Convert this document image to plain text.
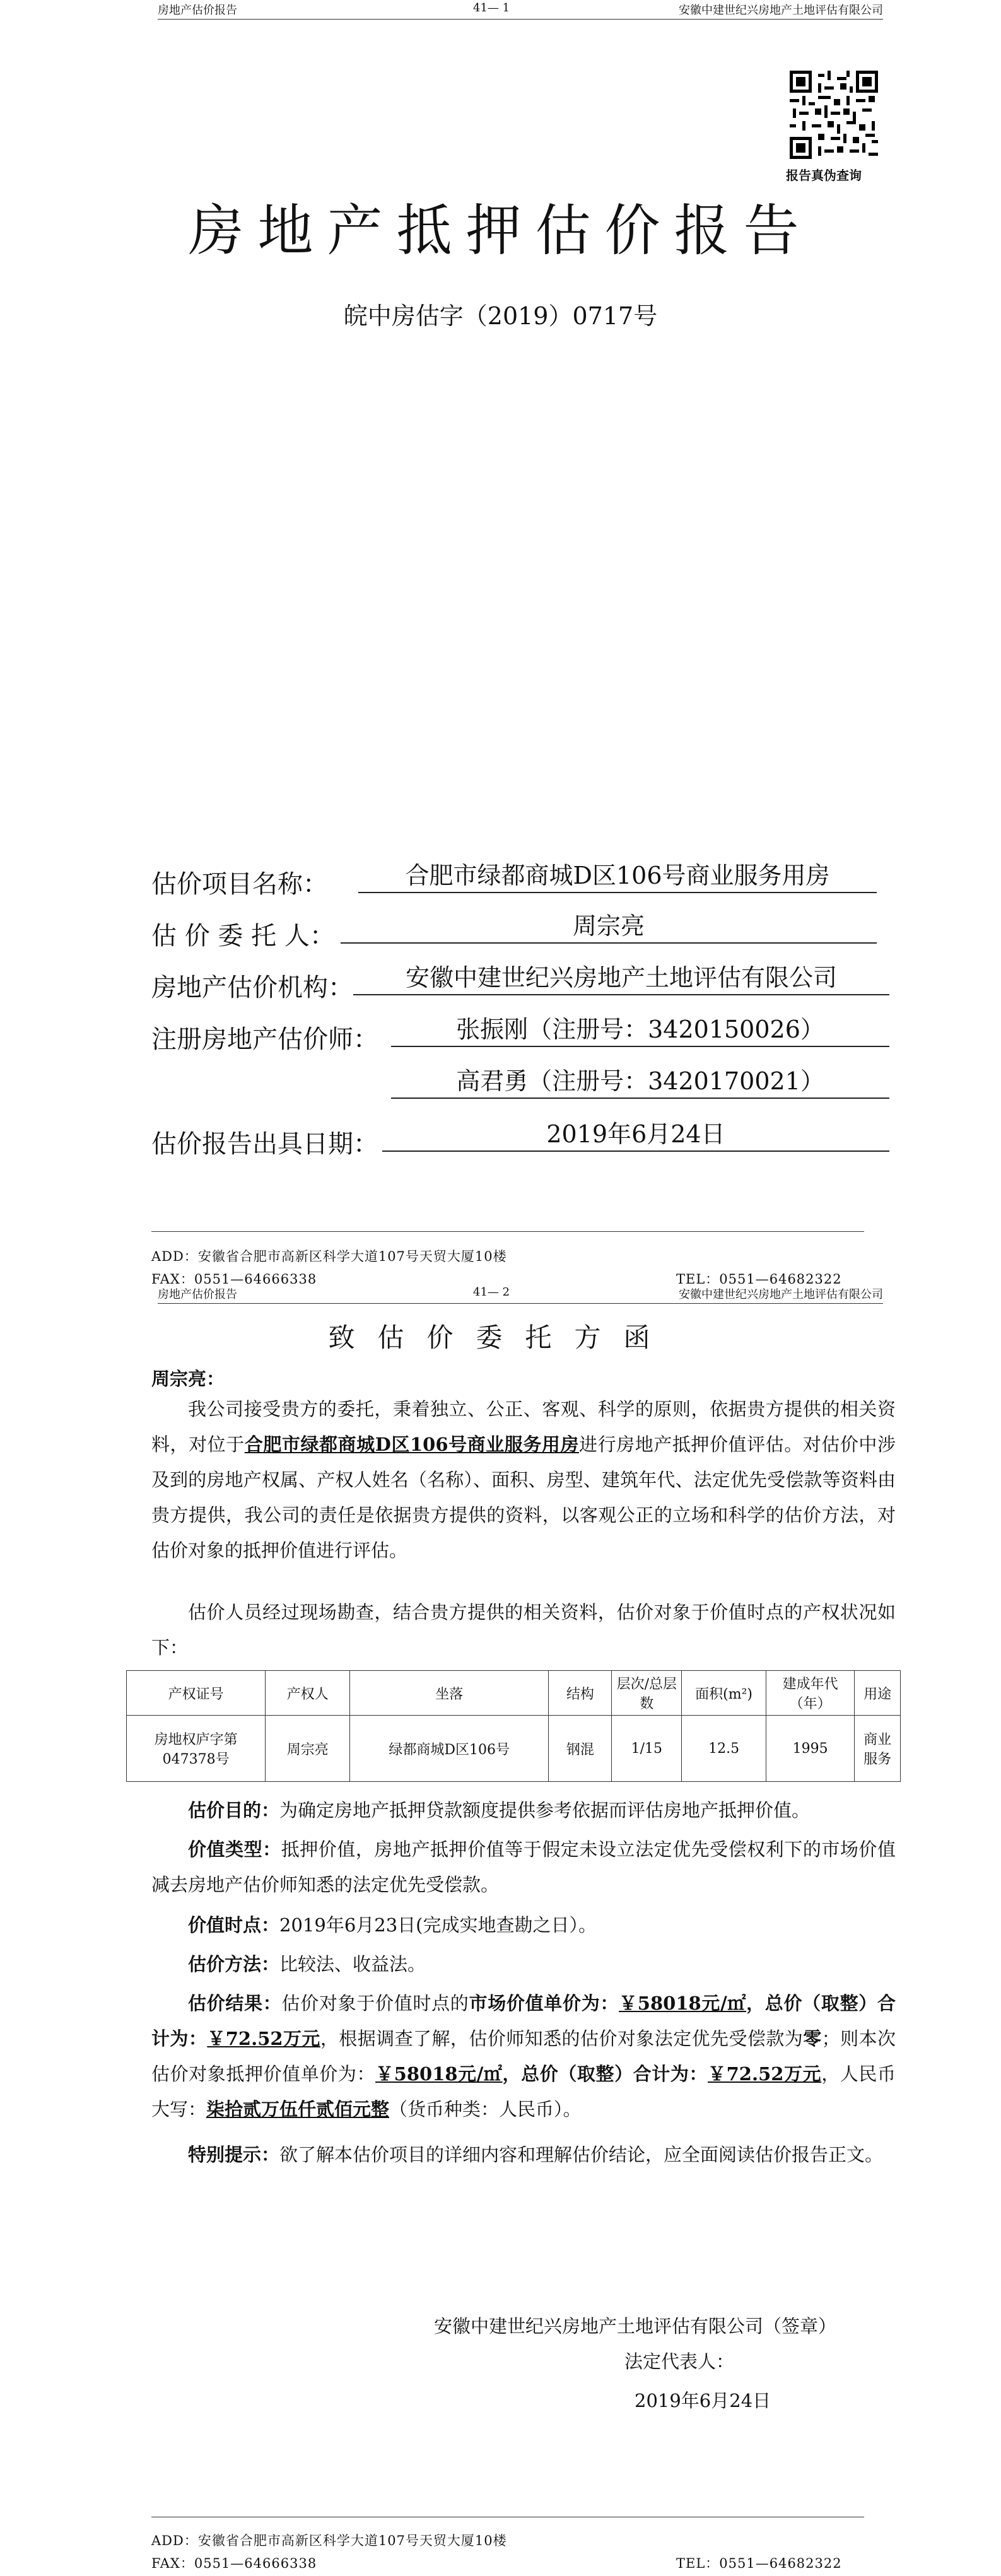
房地产估价报告	41— 1	安徽中建世纪兴房地产土地评估有限公司
报告真伪查询
房地产抵押估价报告
皖中房估字（2019）0717号
估价项目名称：	合肥市绿都商城D区106号商业服务用房
估 价 委 托 人：	周宗亮
房地产估价机构：	安徽中建世纪兴房地产土地评估有限公司
注册房地产估价师：	张振刚（注册号：3420150026）
高君勇（注册号：3420170021）
估价报告出具日期：	2019年6月24日
ADD：安徽省合肥市高新区科学大道107号天贸大厦10楼
FAX：0551—64666338	TEL：0551—64682322
房地产估价报告	41— 2	安徽中建世纪兴房地产土地评估有限公司
致估价委托方函
周宗亮：
我公司接受贵方的委托，秉着独立、公正、客观、科学的原则，依据贵方提供的相关资料，对位于合肥市绿都商城D区106号商业服务用房进行房地产抵押价值评估。对估价中涉及到的房地产权属、产权人姓名（名称）、面积、房型、建筑年代、法定优先受偿款等资料由贵方提供，我公司的责任是依据贵方提供的资料，以客观公正的立场和科学的估价方法，对估价对象的抵押价值进行评估。
估价人员经过现场勘查，结合贵方提供的相关资料，估价对象于价值时点的产权状况如下：
产权证号	产权人	坐落	结构	层次/总层数	面积(m²)	建成年代（年）	用途
房地权庐字第047378号	周宗亮	绿都商城D区106号	钢混	1/15	12.5	1995	商业服务
估价目的：为确定房地产抵押贷款额度提供参考依据而评估房地产抵押价值。
价值类型：抵押价值，房地产抵押价值等于假定未设立法定优先受偿权利下的市场价值减去房地产估价师知悉的法定优先受偿款。
价值时点：2019年6月23日(完成实地查勘之日）。
估价方法：比较法、收益法。
估价结果：估价对象于价值时点的市场价值单价为：￥58018元/㎡，总价（取整）合计为：￥72.52万元，根据调查了解，估价师知悉的估价对象法定优先受偿款为零；则本次估价对象抵押价值单价为：￥58018元/㎡，总价（取整）合计为：￥72.52万元，人民币大写：柒拾贰万伍仟贰佰元整（货币种类：人民币）。
特别提示：欲了解本估价项目的详细内容和理解估价结论，应全面阅读估价报告正文。
安徽中建世纪兴房地产土地评估有限公司（签章）
法定代表人：
2019年6月24日
ADD：安徽省合肥市高新区科学大道107号天贸大厦10楼
FAX：0551—64666338	TEL：0551—64682322
